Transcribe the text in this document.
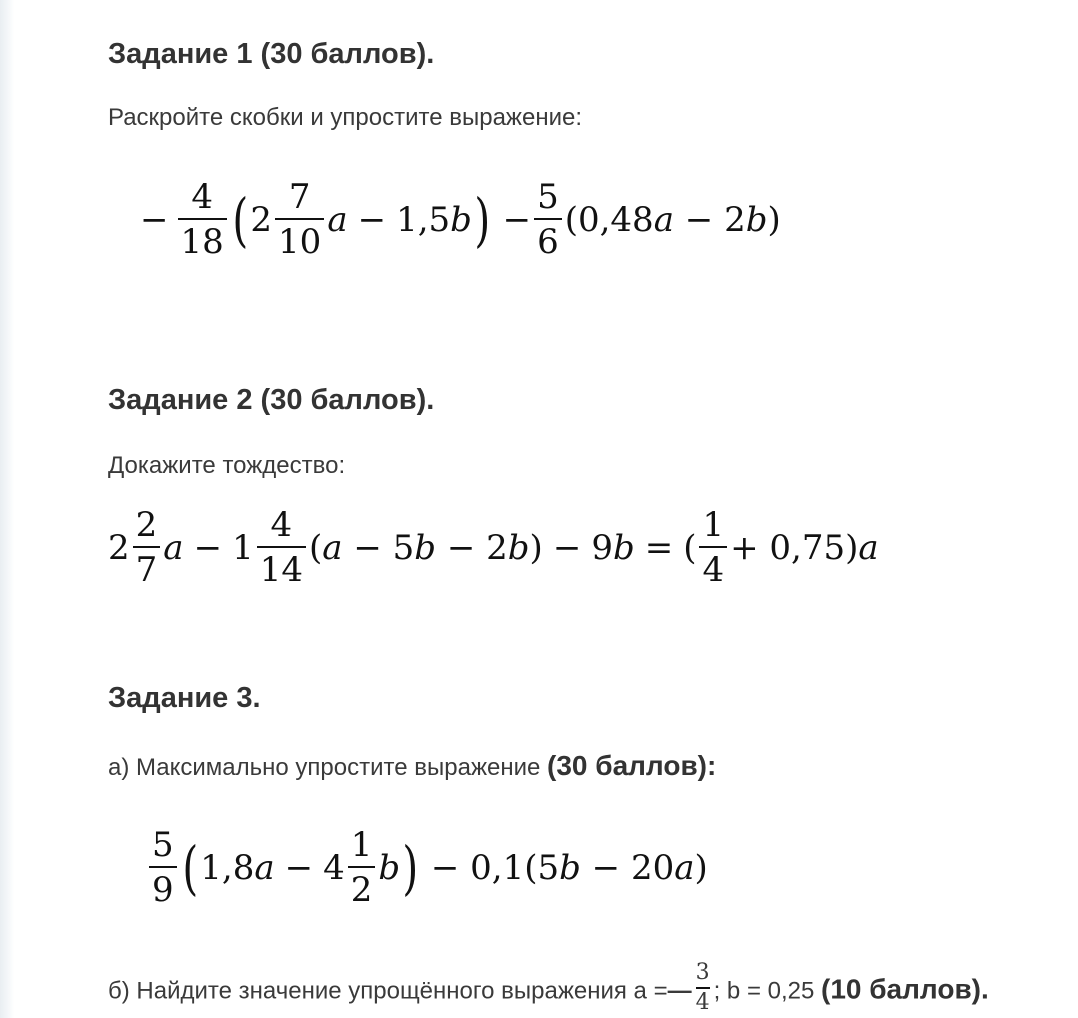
Задание 1 (30 баллов).

Раскройте скобки и упростите выражение:

− $\frac{4}{18}$ ( $2 \frac{7}{10}$ a − 1,5 b ) − $\frac{5}{6} (0,48$ a − 2 b )
Задание 2 (30 баллов).

Докажите тождество:

$2 \frac{2}{7}$ $a - 1 \frac{4}{14}$ ( a − 5 b − 2 b ) − 9 b = ( $\frac{1}{4} + 0,75$) a
Задание 3.

а) Максимально упростите выражение (30 баллов):

$\frac{5}{9}$ ( 1,8 $a - 4 \frac{1}{2}$ b ) − 0,1(5 b − 20 a )

б) Найдите значение упрощённого выражения a =— $\frac{3}{4}$ ; b = 0,25 (10 баллов).
